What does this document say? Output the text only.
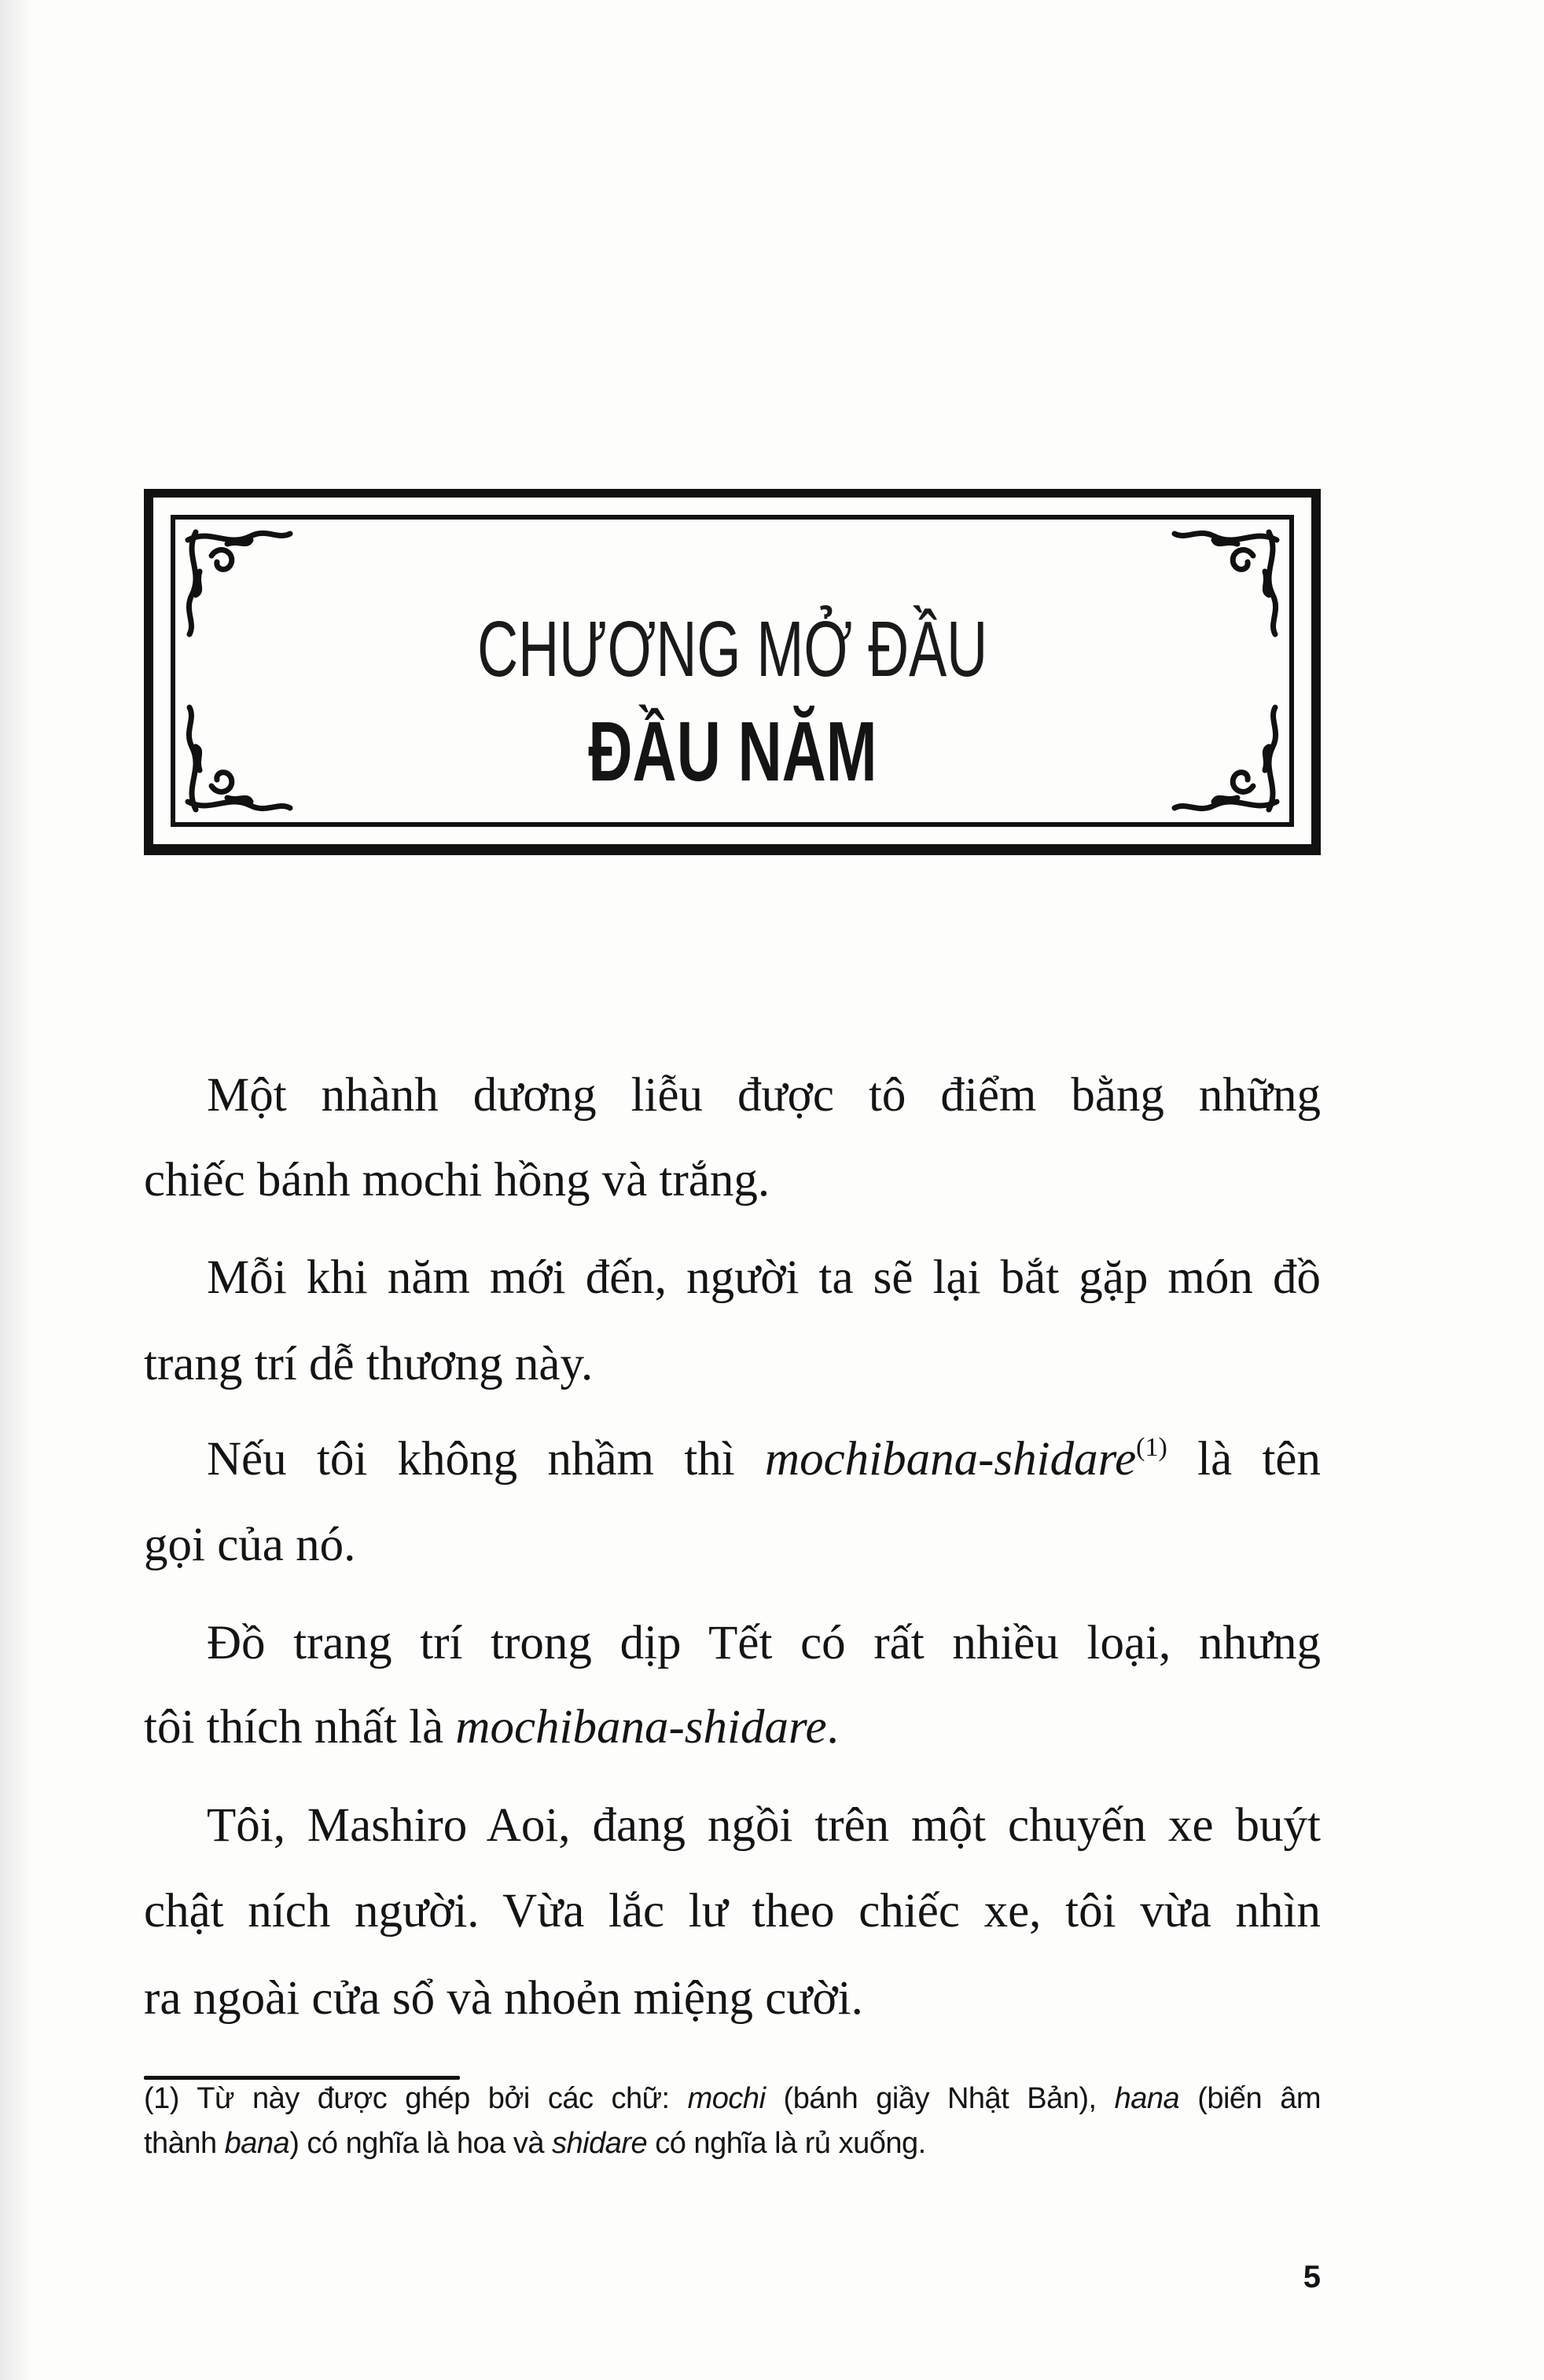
CHƯƠNG MỞ ĐẦU
ĐẦU NĂM
Một nhành dương liễu được tô điểm bằng những
chiếc bánh mochi hồng và trắng.
Mỗi khi năm mới đến, người ta sẽ lại bắt gặp món đồ
trang trí dễ thương này.
Nếu tôi không nhầm thì mochibana-shidare$^{(1)}$ là tên
gọi của nó.
Đồ trang trí trong dịp Tết có rất nhiều loại, nhưng
tôi thích nhất là mochibana-shidare.
Tôi, Mashiro Aoi, đang ngồi trên một chuyến xe buýt
chật ních người. Vừa lắc lư theo chiếc xe, tôi vừa nhìn
ra ngoài cửa sổ và nhoẻn miệng cười.
(1) Từ này được ghép bởi các chữ: mochi (bánh giầy Nhật Bản), hana (biến âm
thành bana) có nghĩa là hoa và shidare có nghĩa là rủ xuống.
5
